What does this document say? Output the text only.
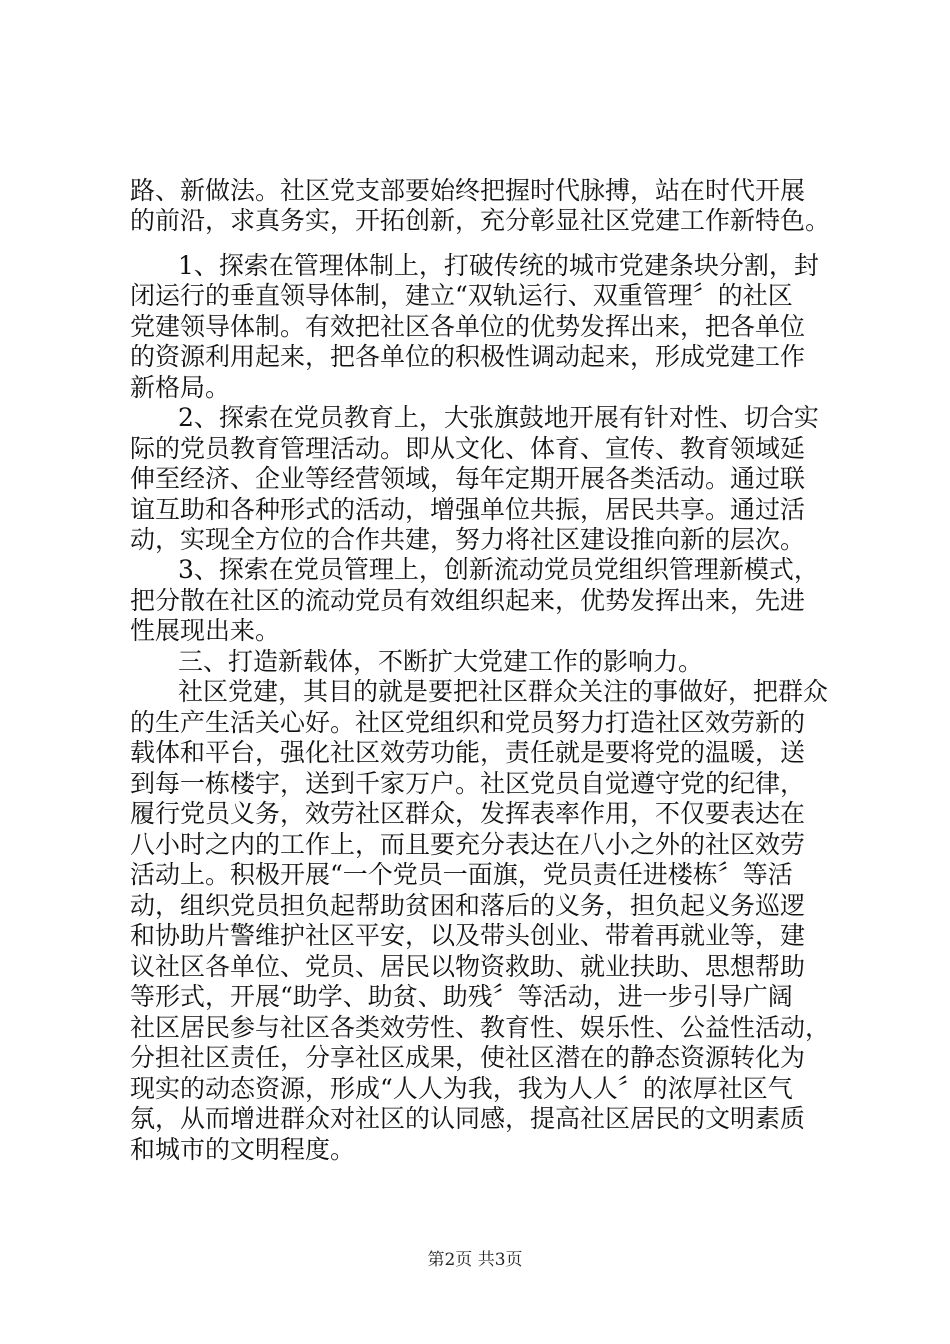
路、新做法。社区党支部要始终把握时代脉搏，站在时代开展
的前沿，求真务实，开拓创新，充分彰显社区党建工作新特色。
1、探索在管理体制上，打破传统的城市党建条块分割，封
闭运行的垂直领导体制，建立“双轨运行、双重管理〞的社区
党建领导体制。有效把社区各单位的优势发挥出来，把各单位
的资源利用起来，把各单位的积极性调动起来，形成党建工作
新格局。
2、探索在党员教育上，大张旗鼓地开展有针对性、切合实
际的党员教育管理活动。即从文化、体育、宣传、教育领域延
伸至经济、企业等经营领域，每年定期开展各类活动。通过联
谊互助和各种形式的活动，增强单位共振，居民共享。通过活
动，实现全方位的合作共建，努力将社区建设推向新的层次。
3、探索在党员管理上，创新流动党员党组织管理新模式，
把分散在社区的流动党员有效组织起来，优势发挥出来，先进
性展现出来。
三、打造新载体，不断扩大党建工作的影响力。
社区党建，其目的就是要把社区群众关注的事做好，把群众
的生产生活关心好。社区党组织和党员努力打造社区效劳新的
载体和平台，强化社区效劳功能，责任就是要将党的温暖，送
到每一栋楼宇，送到千家万户。社区党员自觉遵守党的纪律，
履行党员义务，效劳社区群众，发挥表率作用，不仅要表达在
八小时之内的工作上，而且要充分表达在八小之外的社区效劳
活动上。积极开展“一个党员一面旗，党员责任进楼栋〞等活
动，组织党员担负起帮助贫困和落后的义务，担负起义务巡逻
和协助片警维护社区平安，以及带头创业、带着再就业等，建
议社区各单位、党员、居民以物资救助、就业扶助、思想帮助
等形式，开展“助学、助贫、助残〞等活动，进一步引导广阔
社区居民参与社区各类效劳性、教育性、娱乐性、公益性活动，
分担社区责任，分享社区成果，使社区潜在的静态资源转化为
现实的动态资源，形成“人人为我，我为人人〞的浓厚社区气
氛，从而增进群众对社区的认同感，提高社区居民的文明素质
和城市的文明程度。
第2页 共3页
